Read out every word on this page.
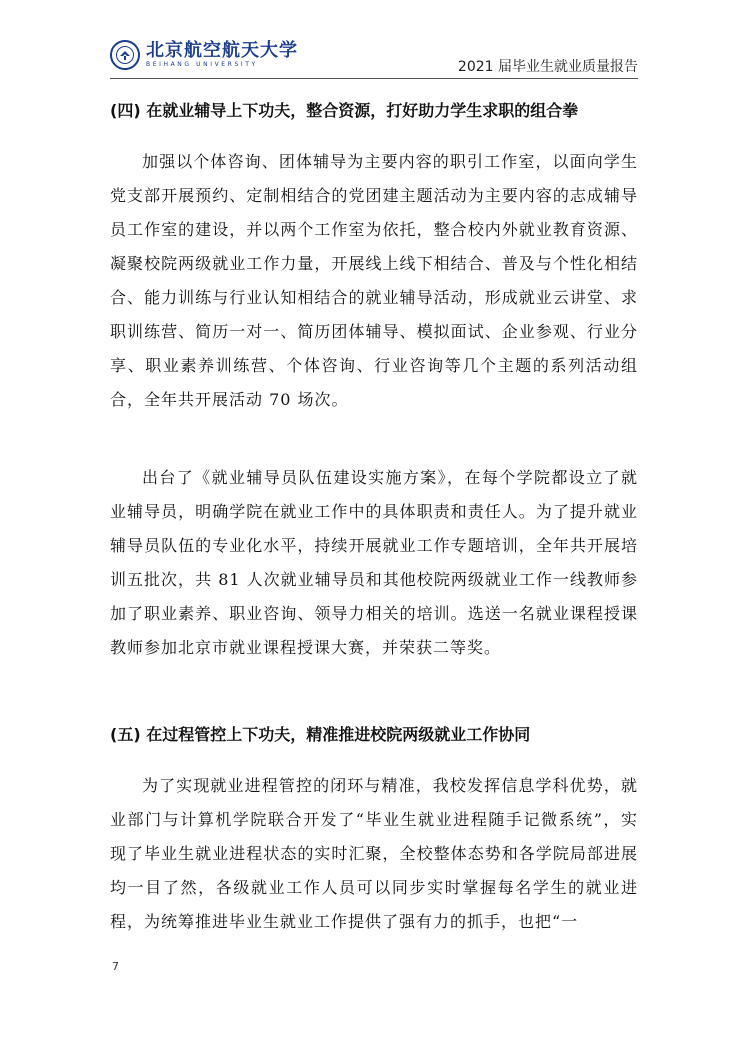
北京航空航天大学
BEIHANG UNIVERSITY	2021 届毕业生就业质量报告
(四) 在就业辅导上下功夫，整合资源，打好助力学生求职的组合拳

加强以个体咨询、团体辅导为主要内容的职引工作室，以面向学生党支部开展预约、定制相结合的党团建主题活动为主要内容的志成辅导员工作室的建设，并以两个工作室为依托，整合校内外就业教育资源、凝聚校院两级就业工作力量，开展线上线下相结合、普及与个性化相结合、能力训练与行业认知相结合的就业辅导活动，形成就业云讲堂、求职训练营、简历一对一、简历团体辅导、模拟面试、企业参观、行业分享、职业素养训练营、个体咨询、行业咨询等几个主题的系列活动组合，全年共开展活动 70 场次。

出台了《就业辅导员队伍建设实施方案》，在每个学院都设立了就业辅导员，明确学院在就业工作中的具体职责和责任人。为了提升就业辅导员队伍的专业化水平，持续开展就业工作专题培训，全年共开展培训五批次，共 81 人次就业辅导员和其他校院两级就业工作一线教师参加了职业素养、职业咨询、领导力相关的培训。选送一名就业课程授课教师参加北京市就业课程授课大赛，并荣获二等奖。

(五) 在过程管控上下功夫，精准推进校院两级就业工作协同

为了实现就业进程管控的闭环与精准，我校发挥信息学科优势，就业部门与计算机学院联合开发了“毕业生就业进程随手记微系统”，实现了毕业生就业进程状态的实时汇聚，全校整体态势和各学院局部进展均一目了然，各级就业工作人员可以同步实时掌握每名学生的就业进程，为统筹推进毕业生就业工作提供了强有力的抓手，也把“一

7
